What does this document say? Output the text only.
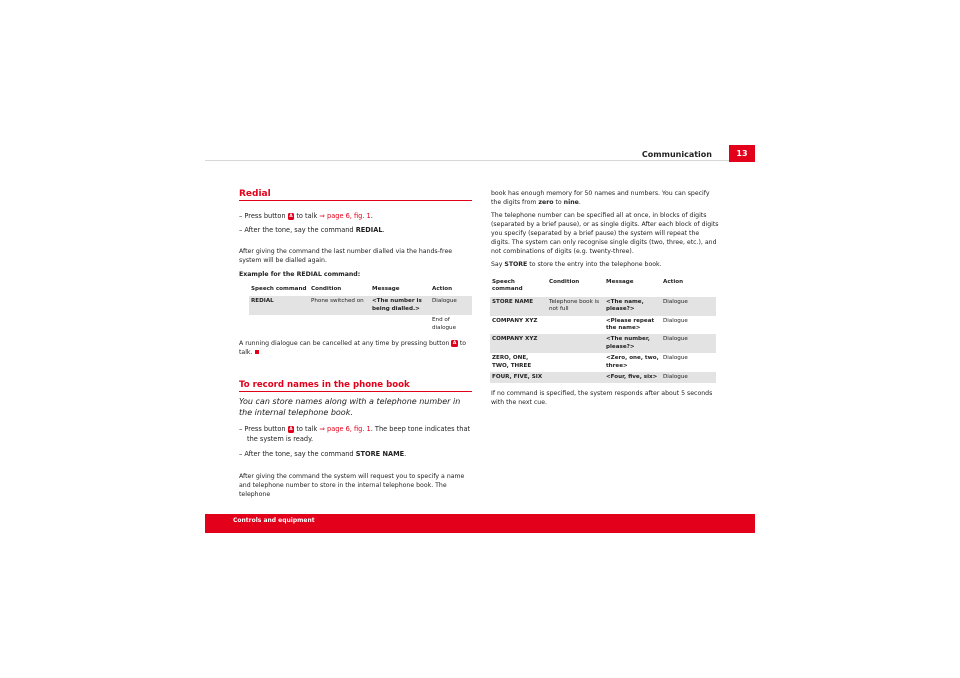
Communication	13
Redial
– Press button A to talk ⇒ page 6, fig. 1.
– After the tone, say the command REDIAL.
After giving the command the last number dialled via the hands-free system will be dialled again.
Example for the REDIAL command:
Speech command	Condition	Message	Action
REDIAL	Phone switched on	<The number is being dialled.>	Dialogue
			End of dialogue
A running dialogue can be cancelled at any time by pressing button A to talk.
To record names in the phone book
You can store names along with a telephone number in the internal telephone book.
– Press button A to talk ⇒ page 6, fig. 1. The beep tone indicates that the system is ready.
– After the tone, say the command STORE NAME.
After giving the command the system will request you to specify a name and telephone number to store in the internal telephone book. The telephone
book has enough memory for 50 names and numbers. You can specify the digits from zero to nine.
The telephone number can be specified all at once, in blocks of digits (separated by a brief pause), or as single digits. After each block of digits you specify (separated by a brief pause) the system will repeat the digits. The system can only recognise single digits (two, three, etc.), and not combinations of digits (e.g. twenty-three).
Say STORE to store the entry into the telephone book.
Speech command	Condition	Message	Action
STORE NAME	Telephone book is not full	<The name, please?>	Dialogue
COMPANY XYZ		<Please repeat the name>	Dialogue
COMPANY XYZ		<The number, please?>	Dialogue
ZERO, ONE, TWO, THREE		<Zero, one, two, three>	Dialogue
FOUR, FIVE, SIX		<Four, five, six>	Dialogue
If no command is specified, the system responds after about 5 seconds with the next cue.
Controls and equipment
